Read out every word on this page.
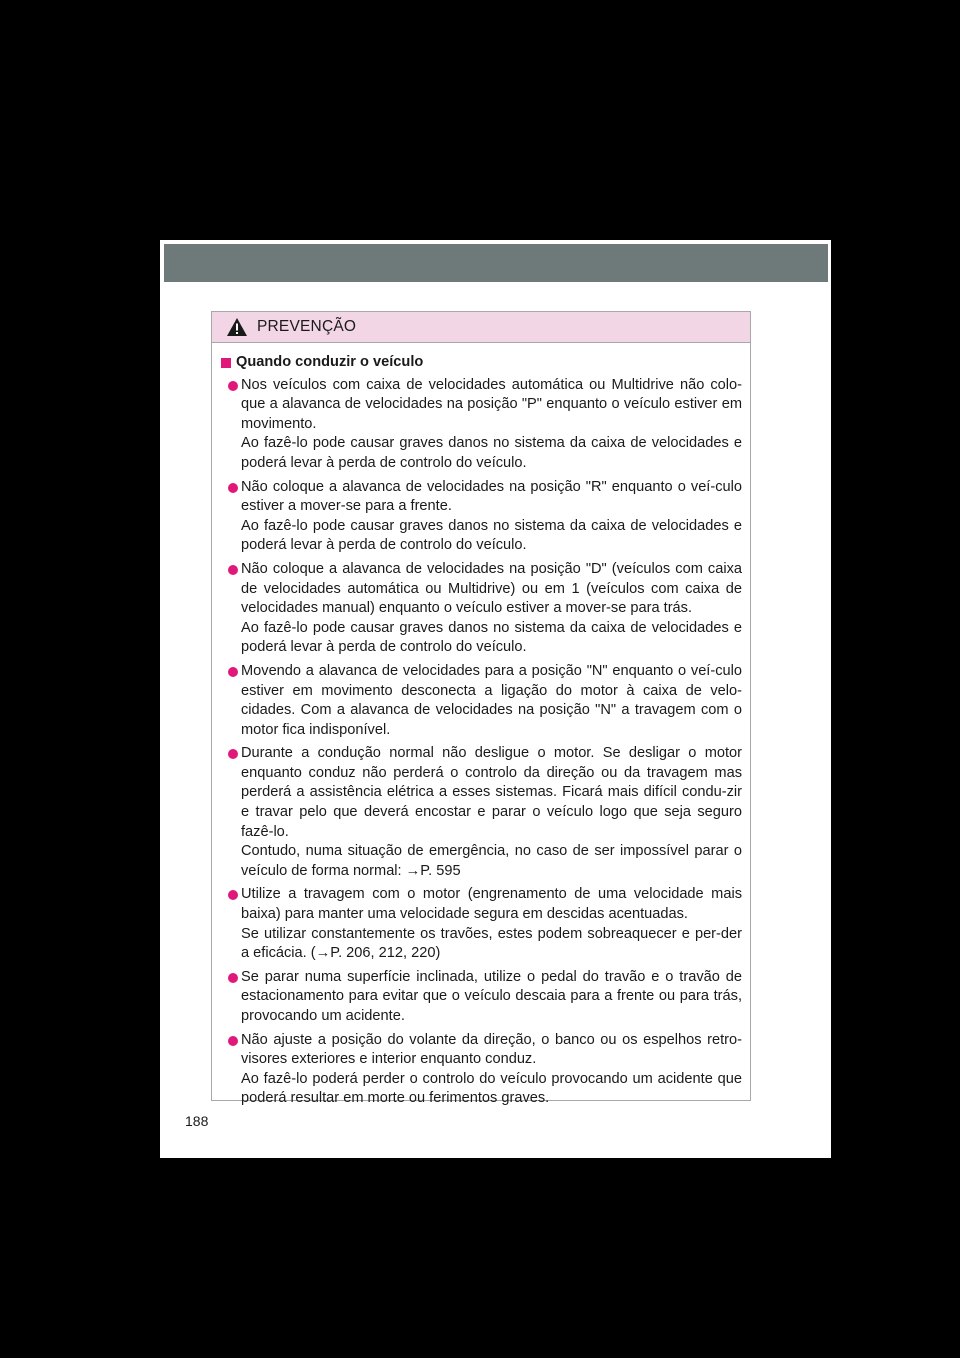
PREVENÇÃO
Quando conduzir o veículo
Nos veículos com caixa de velocidades automática ou Multidrive não colo-que a alavanca de velocidades na posição "P" enquanto o veículo estiver em movimento.
Ao fazê-lo pode causar graves danos no sistema da caixa de velocidades e poderá levar à perda de controlo do veículo.
Não coloque a alavanca de velocidades na posição "R" enquanto o veí-culo estiver a mover-se para a frente.
Ao fazê-lo pode causar graves danos no sistema da caixa de velocidades e poderá levar à perda de controlo do veículo.
Não coloque a alavanca de velocidades na posição "D" (veículos com caixa de velocidades automática ou Multidrive) ou em 1 (veículos com caixa de velocidades manual) enquanto o veículo estiver a mover-se para trás.
Ao fazê-lo pode causar graves danos no sistema da caixa de velocidades e poderá levar à perda de controlo do veículo.
Movendo a alavanca de velocidades para a posição "N" enquanto o veí-culo estiver em movimento desconecta a ligação do motor à caixa de velo-cidades. Com a alavanca de velocidades na posição "N" a travagem com o motor fica indisponível.
Durante a condução normal não desligue o motor. Se desligar o motor enquanto conduz não perderá o controlo da direção ou da travagem mas perderá a assistência elétrica a esses sistemas. Ficará mais difícil condu-zir e travar pelo que deverá encostar e parar o veículo logo que seja seguro fazê-lo.
Contudo, numa situação de emergência, no caso de ser impossível parar o veículo de forma normal: →P. 595
Utilize a travagem com o motor (engrenamento de uma velocidade mais baixa) para manter uma velocidade segura em descidas acentuadas.
Se utilizar constantemente os travões, estes podem sobreaquecer e per-der a eficácia. (→P. 206, 212, 220)
Se parar numa superfície inclinada, utilize o pedal do travão e o travão de estacionamento para evitar que o veículo descaia para a frente ou para trás, provocando um acidente.
Não ajuste a posição do volante da direção, o banco ou os espelhos retro-visores exteriores e interior enquanto conduz.
Ao fazê-lo poderá perder o controlo do veículo provocando um acidente que poderá resultar em morte ou ferimentos graves.
188
